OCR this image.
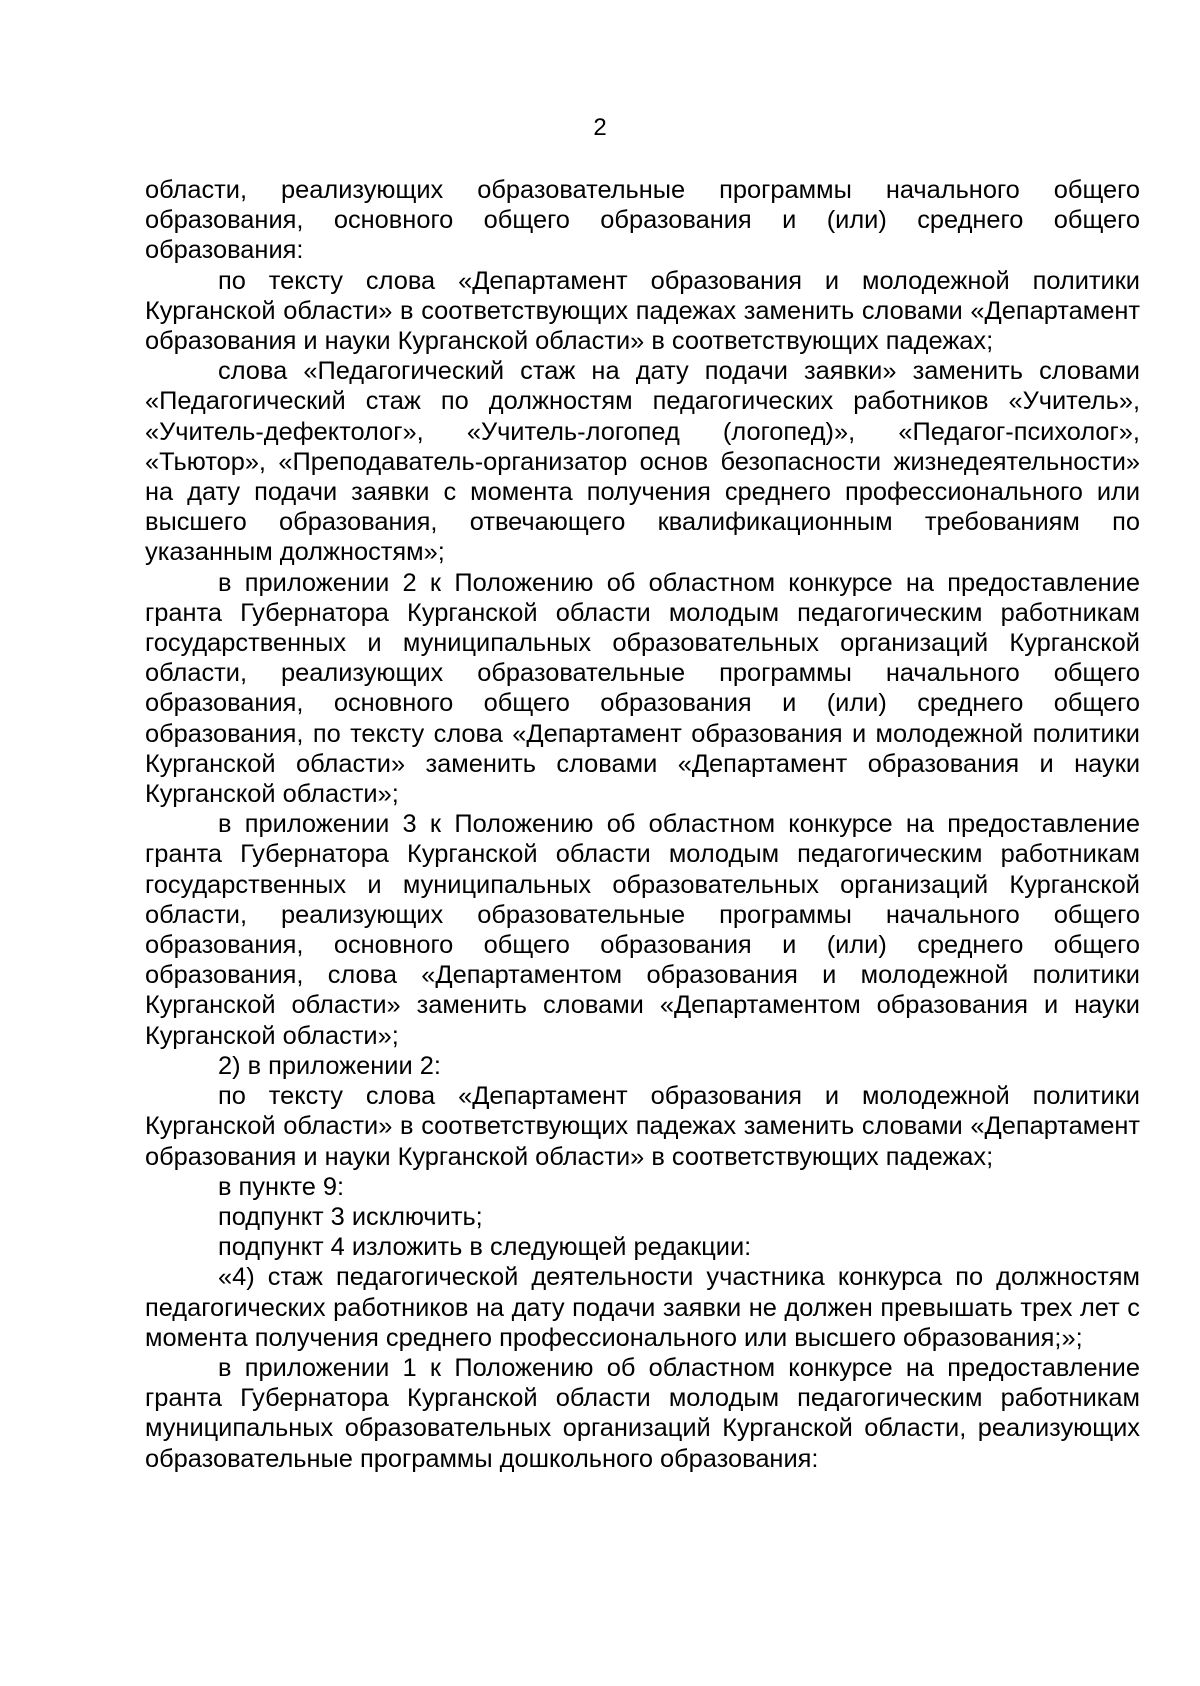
2

области, реализующих образовательные программы начального общего образования, основного общего образования и (или) среднего общего образования:

по тексту слова «Департамент образования и молодежной политики Курганской области» в соответствующих падежах заменить словами «Департамент образования и науки Курганской области» в соответствующих падежах;

слова «Педагогический стаж на дату подачи заявки» заменить словами «Педагогический стаж по должностям педагогических работников «Учитель», «Учитель-дефектолог», «Учитель-логопед (логопед)», «Педагог-психолог», «Тьютор», «Преподаватель-организатор основ безопасности жизнедеятельности» на дату подачи заявки с момента получения среднего профессионального или высшего образования, отвечающего квалификационным требованиям по указанным должностям»;

в приложении 2 к Положению об областном конкурсе на предоставление гранта Губернатора Курганской области молодым педагогическим работникам государственных и муниципальных образовательных организаций Курганской области, реализующих образовательные программы начального общего образования, основного общего образования и (или) среднего общего образования, по тексту слова «Департамент образования и молодежной политики Курганской области» заменить словами «Департамент образования и науки Курганской области»;

в приложении 3 к Положению об областном конкурсе на предоставление гранта Губернатора Курганской области молодым педагогическим работникам государственных и муниципальных образовательных организаций Курганской области, реализующих образовательные программы начального общего образования, основного общего образования и (или) среднего общего образования, слова «Департаментом образования и молодежной политики Курганской области» заменить словами «Департаментом образования и науки Курганской области»;

2) в приложении 2:

по тексту слова «Департамент образования и молодежной политики Курганской области» в соответствующих падежах заменить словами «Департамент образования и науки Курганской области» в соответствующих падежах;

в пункте 9:

подпункт 3 исключить;

подпункт 4 изложить в следующей редакции:

«4) стаж педагогической деятельности участника конкурса по должностям педагогических работников на дату подачи заявки не должен превышать трех лет с момента получения среднего профессионального или высшего образования;»;

в приложении 1 к Положению об областном конкурсе на предоставление гранта Губернатора Курганской области молодым педагогическим работникам муниципальных образовательных организаций Курганской области, реализующих образовательные программы дошкольного образования:
